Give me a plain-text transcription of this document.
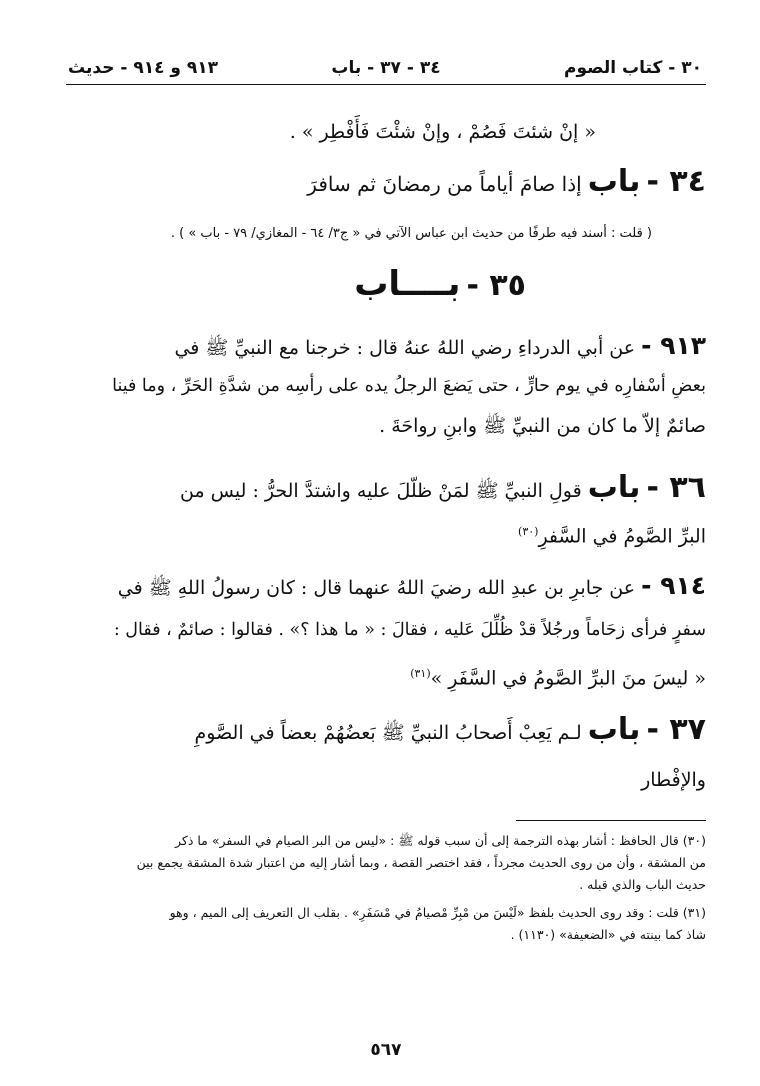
٣٠ - كتاب الصوم
٣٤ - ٣٧ - باب
٩١٣ و ٩١٤ - حديث
« إنْ شئتَ فَصُمْ ، وإنْ شئْتَ فَأَفْطِر » .
٣٤ - باب إذا صامَ أياماً من رمضانَ ثم سافرَ
( قلت : أسند فيه طرفًا من حديث ابن عباس الآتي في « ج٣/ ٦٤ - المغازي/ ٧٩ - باب » ) .
٣٥ - بــــاب
٩١٣ - عن أبي الدرداءِ رضي اللهُ عنهُ قال : خرجنا مع النبيِّ ﷺ في
بعضِ أسْفارِه في يوم حارٍّ ، حتى يَضعَ الرجلُ يده على رأسِه من شدَّةِ الحَرِّ ، وما فينا
صائمٌ إلاّ ما كان من النبيِّ ﷺ وابنِ رواحَةَ .
٣٦ - باب قولِ النبيِّ ﷺ لمَنْ ظلّلَ عليه واشتدَّ الحرُّ : ليس من
البرِّ الصَّومُ في السَّفرِ$^{(٣٠)}$
٩١٤ - عن جابرِ بن عبدِ الله رضيَ اللهُ عنهما قال : كان رسولُ اللهِ ﷺ في
سفرٍ فرأى زحَاماً ورجُلاً قدْ ظُلِّلَ عَليه ، فقالَ : « ما هذا ؟» . فقالوا : صائمٌ ، فقال :
« ليسَ منَ البرِّ الصَّومُ في السَّفَرِ »$^{(٣١)}$
٣٧ - باب لـم يَعِبْ أَصحابُ النبيِّ ﷺ بَعضُهُمْ بعضاً في الصَّومِ
والإفْطار
(٣٠) قال الحافظ : أشار بهذه الترجمة إلى أن سبب قوله ﷺ : «ليس من البر الصيام في السفر» ما ذكر
من المشقة ، وأن من روى الحديث مجرداً ، فقد اختصر القصة ، وبما أشار إليه من اعتبار شدة المشقة يجمع بين
حديث الباب والذي قبله .
(٣١) قلت : وقد روى الحديث بلفظ «لَيْسَ من مْبِرِّ مْصيامُ في مْسَفَرِ» . بقلب ال التعريف إلى الميم ، وهو
شاذ كما بينته في «الضعيفة» (١١٣٠) .
٥٦٧
